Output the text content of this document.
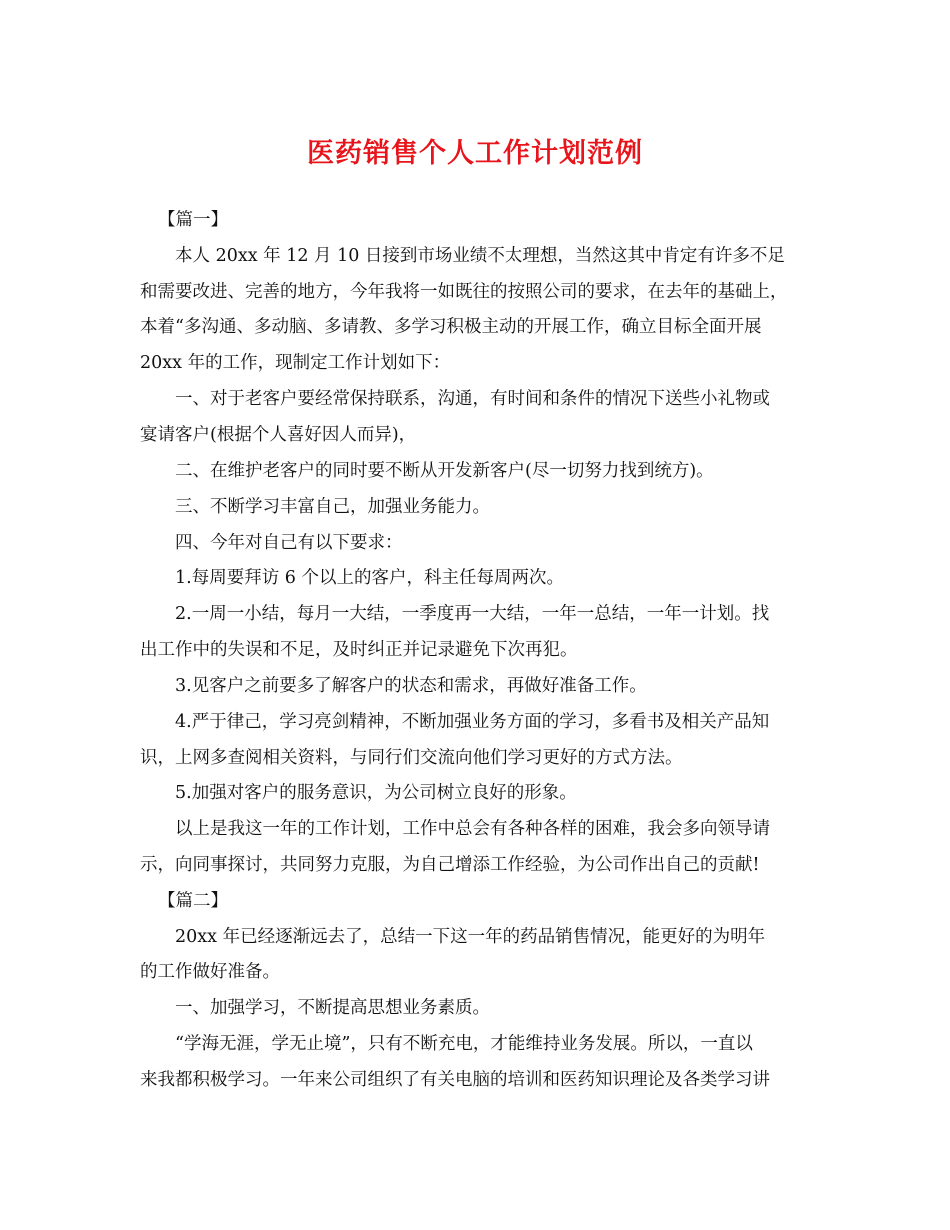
医药销售个人工作计划范例

【篇一】

本人 20xx 年 12 月 10 日接到市场业绩不太理想，当然这其中肯定有许多不足

和需要改进、完善的地方，今年我将一如既往的按照公司的要求，在去年的基础上，

本着“多沟通、多动脑、多请教、多学习积极主动的开展工作，确立目标全面开展

20xx 年的工作，现制定工作计划如下：

一、对于老客户要经常保持联系，沟通，有时间和条件的情况下送些小礼物或

宴请客户(根据个人喜好因人而异)，

二、在维护老客户的同时要不断从开发新客户(尽一切努力找到统方)。

三、不断学习丰富自己，加强业务能力。

四、今年对自己有以下要求：

1.每周要拜访 6 个以上的客户，科主任每周两次。

2.一周一小结，每月一大结，一季度再一大结，一年一总结，一年一计划。找

出工作中的失误和不足，及时纠正并记录避免下次再犯。

3.见客户之前要多了解客户的状态和需求，再做好准备工作。

4.严于律己，学习亮剑精神，不断加强业务方面的学习，多看书及相关产品知

识，上网多查阅相关资料，与同行们交流向他们学习更好的方式方法。

5.加强对客户的服务意识，为公司树立良好的形象。

以上是我这一年的工作计划，工作中总会有各种各样的困难，我会多向领导请

示，向同事探讨，共同努力克服，为自己增添工作经验，为公司作出自己的贡献!

【篇二】

20xx 年已经逐渐远去了，总结一下这一年的药品销售情况，能更好的为明年

的工作做好准备。

一、加强学习，不断提高思想业务素质。

“学海无涯，学无止境”，只有不断充电，才能维持业务发展。所以，一直以

来我都积极学习。一年来公司组织了有关电脑的培训和医药知识理论及各类学习讲
